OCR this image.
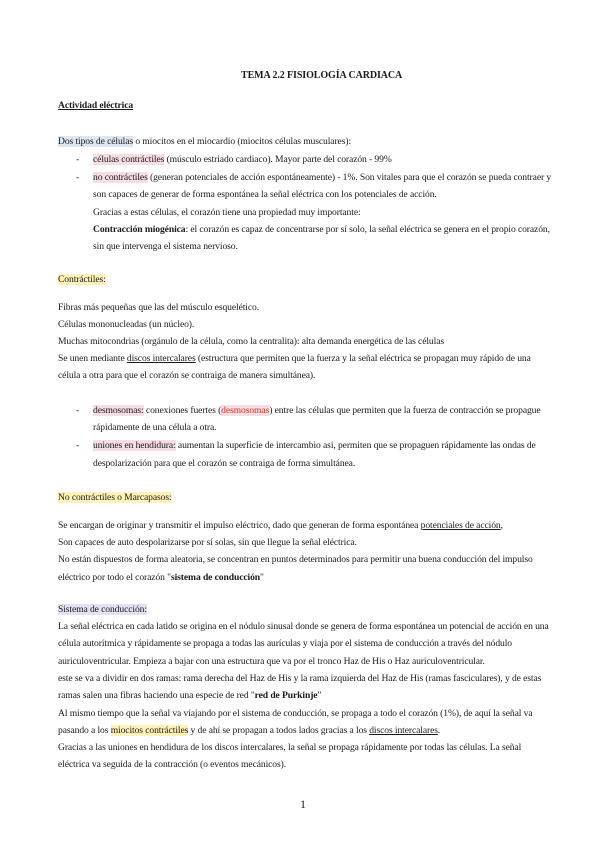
TEMA 2.2 FISIOLOGÍA CARDIACA
Actividad eléctrica
Dos tipos de células o miocitos en el miocardio (miocitos células musculares):
- células contráctiles (músculo estriado cardiaco). Mayor parte del corazón - 99%
- no contráctiles (generan potenciales de acción espontáneamente) - 1%. Son vitales para que el corazón se pueda contraer y
son capaces de generar de forma espontánea la señal eléctrica con los potenciales de acción.
Gracias a estas células, el corazón tiene una propiedad muy importante:
Contracción miogénica: el corazón es capaz de concentrarse por sí solo, la señal eléctrica se genera en el propio corazón,
sin que intervenga el sistema nervioso.
Contráctiles:
Fibras más pequeñas que las del músculo esquelético.
Células mononucleadas (un núcleo).
Muchas mitocondrias (orgánulo de la célula, como la centralita): alta demanda energética de las células
Se unen mediante discos intercalares (estructura que permiten que la fuerza y la señal eléctrica se propagan muy rápido de una
célula a otra para que el corazón se contraiga de manera simultánea).
- desmosomas: conexiones fuertes (desmosomas) entre las células que permiten que la fuerza de contracción se propague
rápidamente de una célula a otra.
- uniones en hendidura: aumentan la superficie de intercambio así, permiten que se propaguen rápidamente las ondas de
despolarización para que el corazón se contraiga de forma simultánea.
No contráctiles o Marcapasos:
Se encargan de originar y transmitir el impulso eléctrico, dado que generan de forma espontánea potenciales de acción,
Son capaces de auto despolarizarse por sí solas, sin que llegue la señal eléctrica.
No están dispuestos de forma aleatoria, se concentran en puntos determinados para permitir una buena conducción del impulso
eléctrico por todo el corazón "sistema de conducción"
Sistema de conducción:
La señal eléctrica en cada latido se origina en el nódulo sinusal donde se genera de forma espontánea un potencial de acción en una
célula autorítmica y rápidamente se propaga a todas las aurículas y viaja por el sistema de conducción a través del nódulo
auriculoventricular. Empieza a bajar con una estructura que va por el tronco Haz de His o Haz auriculoventricular.
este se va a dividir en dos ramas: rama derecha del Haz de His y la rama izquierda del Haz de His (ramas fasciculares), y de estas
ramas salen una fibras haciendo una especie de red "red de Purkinje"
Al mismo tiempo que la señal va viajando por el sistema de conducción, se propaga a todo el corazón (1%), de aquí la señal va
pasando a los miocitos contráctiles y de ahí se propagan a todos lados gracias a los discos intercalares.
Gracias a las uniones en hendidura de los discos intercalares, la señal se propaga rápidamente por todas las células. La señal
eléctrica va seguida de la contracción (o eventos mecánicos).
1
